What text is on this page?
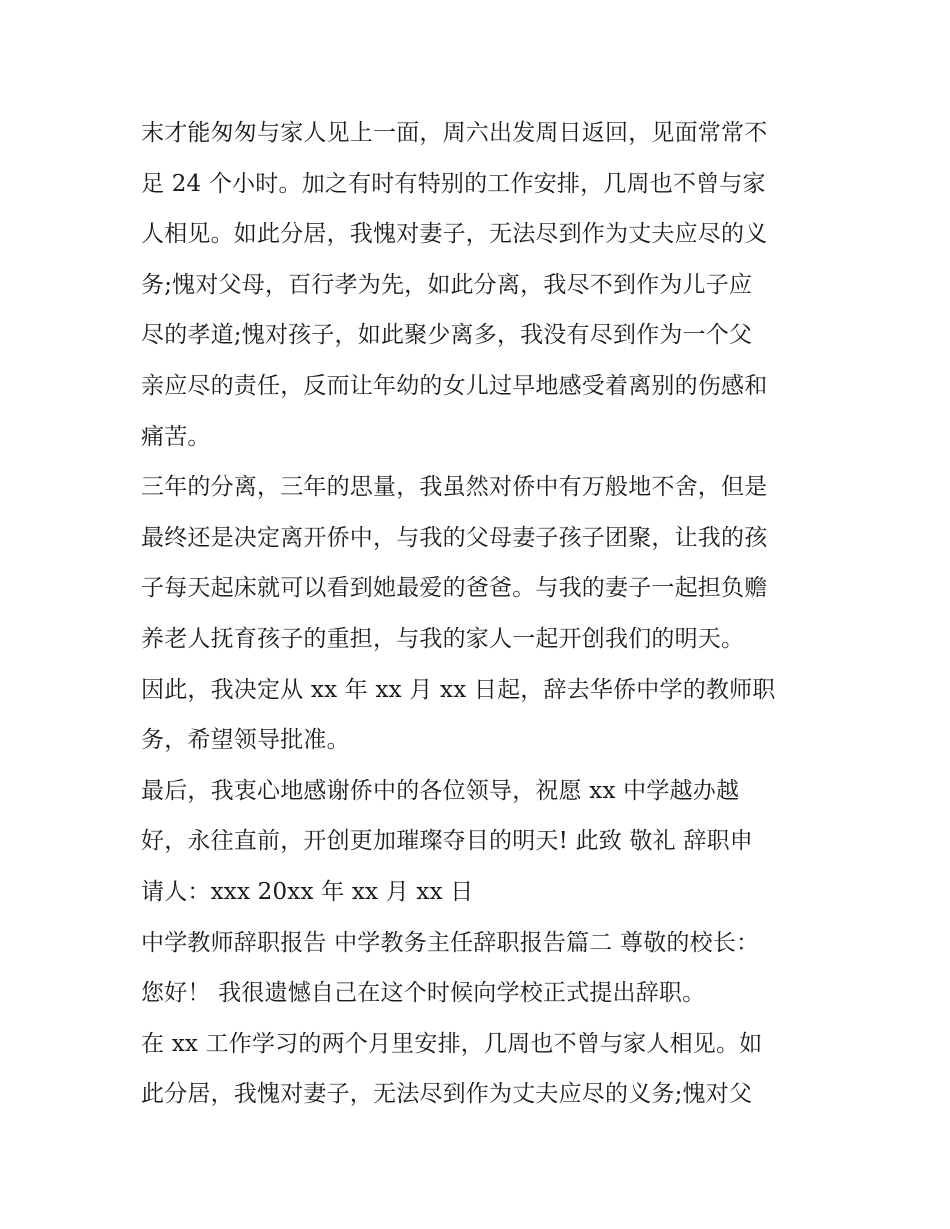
末才能匆匆与家人见上一面，周六出发周日返回，见面常常不
足 24 个小时。加之有时有特别的工作安排，几周也不曾与家
人相见。如此分居，我愧对妻子，无法尽到作为丈夫应尽的义
务;愧对父母，百行孝为先，如此分离，我尽不到作为儿子应
尽的孝道;愧对孩子，如此聚少离多，我没有尽到作为一个父
亲应尽的责任，反而让年幼的女儿过早地感受着离别的伤感和
痛苦。
三年的分离，三年的思量，我虽然对侨中有万般地不舍，但是
最终还是决定离开侨中，与我的父母妻子孩子团聚，让我的孩
子每天起床就可以看到她最爱的爸爸。与我的妻子一起担负赡
养老人抚育孩子的重担，与我的家人一起开创我们的明天。
因此，我决定从 xx 年 xx 月 xx 日起，辞去华侨中学的教师职
务，希望领导批准。
最后，我衷心地感谢侨中的各位领导，祝愿 xx 中学越办越
好，永往直前，开创更加璀璨夺目的明天! 此致 敬礼 辞职申
请人：xxx 20xx 年 xx 月 xx 日
中学教师辞职报告 中学教务主任辞职报告篇二 尊敬的校长：
您好！ 我很遗憾自己在这个时候向学校正式提出辞职。
在 xx 工作学习的两个月里安排，几周也不曾与家人相见。如
此分居，我愧对妻子，无法尽到作为丈夫应尽的义务;愧对父
